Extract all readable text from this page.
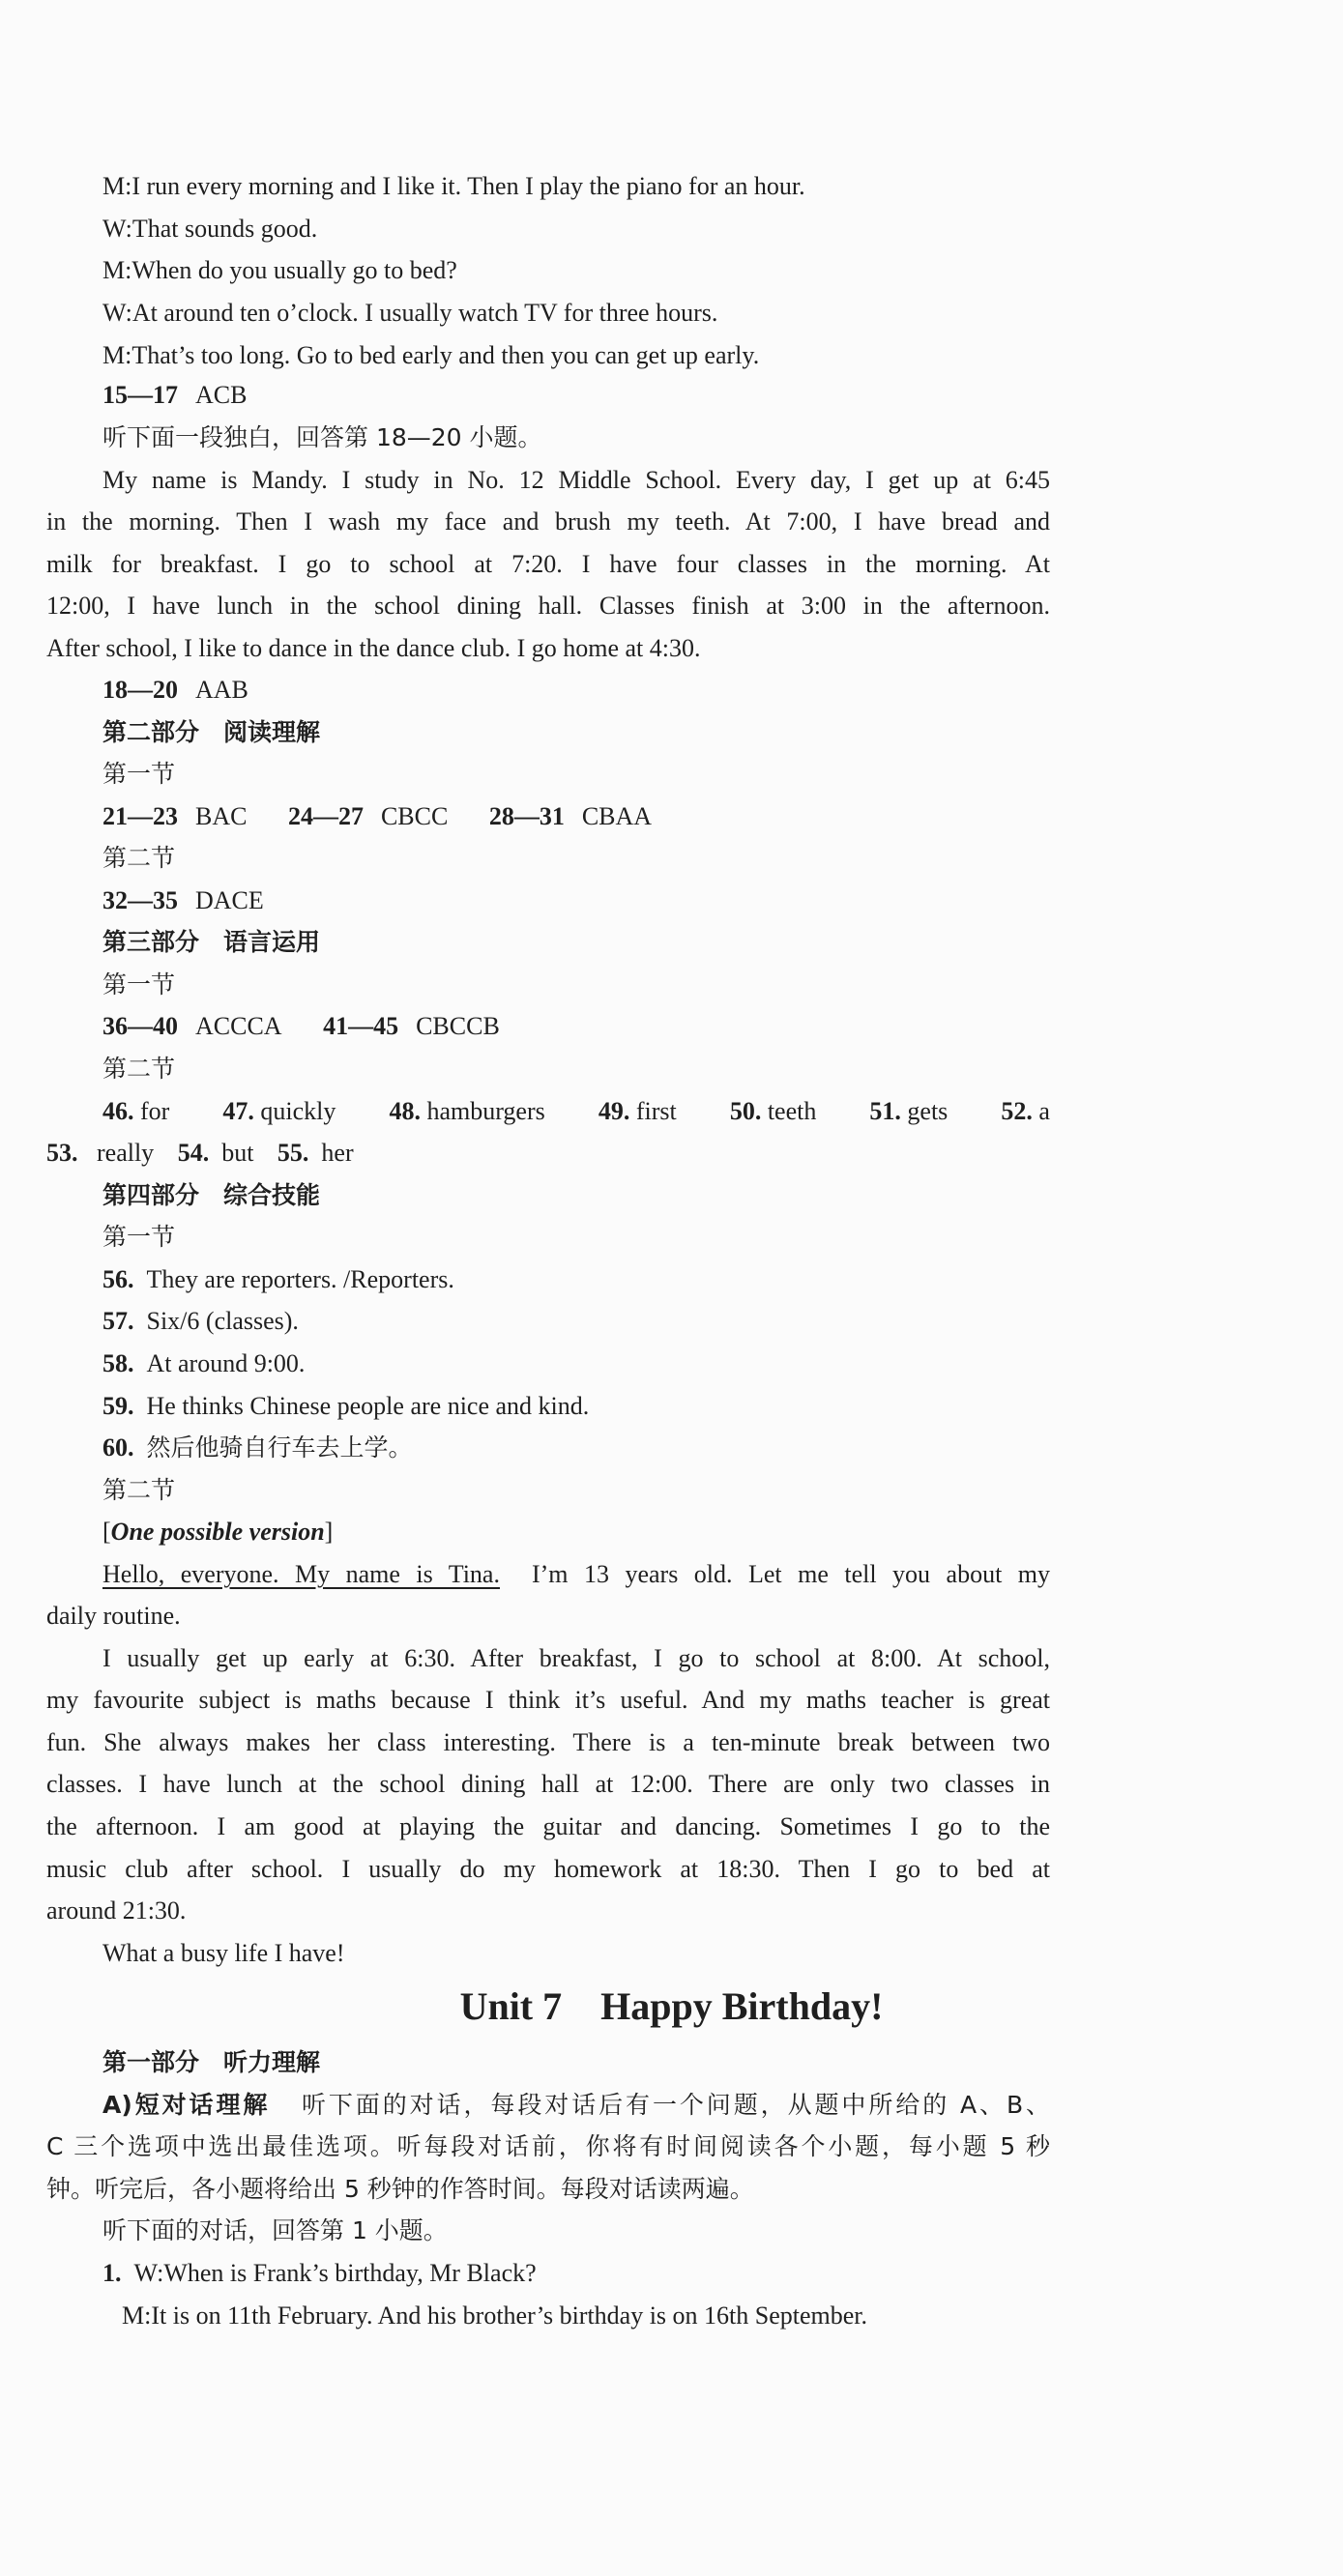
M:I run every morning and I like it. Then I play the piano for an hour.
W:That sounds good.
M:When do you usually go to bed?
W:At around ten o’clock. I usually watch TV for three hours.
M:That’s too long. Go to bed early and then you can get up early.
15—17 ACB
听下面一段独白，回答第 18—20 小题。
My name is Mandy. I study in No. 12 Middle School. Every day, I get up at 6:45
in the morning. Then I wash my face and brush my teeth. At 7:00, I have bread and
milk for breakfast. I go to school at 7:20. I have four classes in the morning. At
12:00, I have lunch in the school dining hall. Classes finish at 3:00 in the afternoon.
After school, I like to dance in the dance club. I go home at 4:30.
18—20 AAB
第二部分　阅读理解
第一节
21—23 BAC 24—27 CBCC 28—31 CBAA
第二节
32—35 DACE
第三部分　语言运用
第一节
36—40 ACCCA 41—45 CBCCB
第二节
46. for 47. quickly 48. hamburgers 49. first 50. teeth 51. gets 52. a
53. really 54. but 55. her
第四部分　综合技能
第一节
56. They are reporters. /Reporters.
57. Six/6 (classes).
58. At around 9:00.
59. He thinks Chinese people are nice and kind.
60. 然后他骑自行车去上学。
第二节
[One possible version]
Hello, everyone. My name is Tina. I’m 13 years old. Let me tell you about my
daily routine.
I usually get up early at 6:30. After breakfast, I go to school at 8:00. At school,
my favourite subject is maths because I think it’s useful. And my maths teacher is great
fun. She always makes her class interesting. There is a ten-minute break between two
classes. I have lunch at the school dining hall at 12:00. There are only two classes in
the afternoon. I am good at playing the guitar and dancing. Sometimes I go to the
music club after school. I usually do my homework at 18:30. Then I go to bed at
around 21:30.
What a busy life I have!
Unit 7　Happy Birthday!
第一部分　听力理解
A)短对话理解 听下面的对话，每段对话后有一个问题，从题中所给的 A、B、
C 三个选项中选出最佳选项。听每段对话前，你将有时间阅读各个小题，每小题 5 秒
钟。听完后，各小题将给出 5 秒钟的作答时间。每段对话读两遍。
听下面的对话，回答第 1 小题。
1. W:When is Frank’s birthday, Mr Black?
M:It is on 11th February. And his brother’s birthday is on 16th September.
